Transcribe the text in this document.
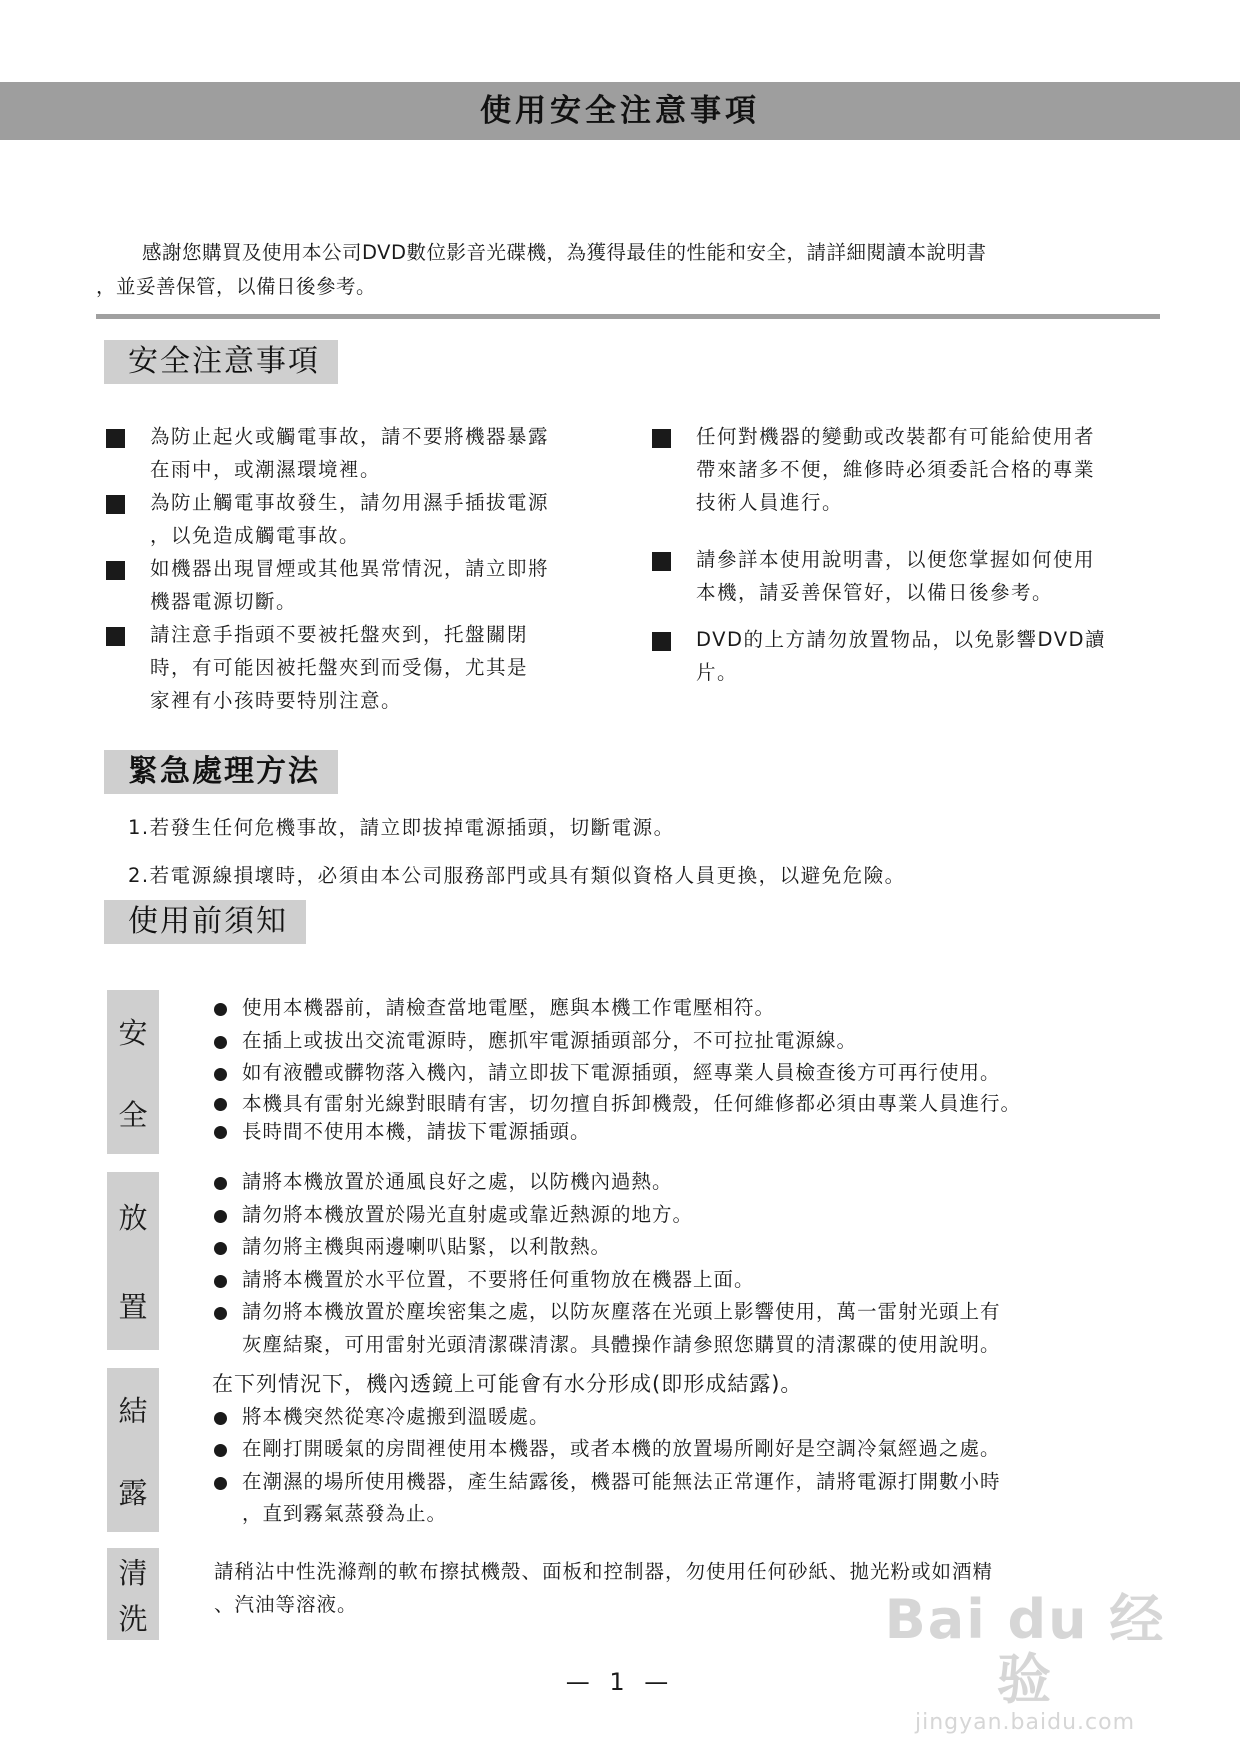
使用安全注意事項
感謝您購買及使用本公司DVD數位影音光碟機，為獲得最佳的性能和安全，請詳細閱讀本說明書
，並妥善保管，以備日後參考。
安全注意事項
為防止起火或觸電事故，請不要將機器暴露
在雨中，或潮濕環境裡。
為防止觸電事故發生，請勿用濕手插拔電源
，以免造成觸電事故。
如機器出現冒煙或其他異常情況，請立即將
機器電源切斷。
請注意手指頭不要被托盤夾到，托盤關閉
時，有可能因被托盤夾到而受傷，尤其是
家裡有小孩時要特別注意。
任何對機器的變動或改裝都有可能給使用者
帶來諸多不便，維修時必須委託合格的專業
技術人員進行。
請參詳本使用說明書，以便您掌握如何使用
本機，請妥善保管好，以備日後參考。
DVD的上方請勿放置物品，以免影響DVD讀
片。
緊急處理方法
1.若發生任何危機事故，請立即拔掉電源插頭，切斷電源。
2.若電源線損壞時，必須由本公司服務部門或具有類似資格人員更換，以避免危險。
使用前須知
安
全
使用本機器前，請檢查當地電壓，應與本機工作電壓相符。
在插上或拔出交流電源時，應抓牢電源插頭部分，不可拉扯電源線。
如有液體或髒物落入機內，請立即拔下電源插頭，經專業人員檢查後方可再行使用。
本機具有雷射光線對眼睛有害，切勿擅自拆卸機殼，任何維修都必須由專業人員進行。
長時間不使用本機，請拔下電源插頭。
放
置
請將本機放置於通風良好之處，以防機內過熱。
請勿將本機放置於陽光直射處或靠近熱源的地方。
請勿將主機與兩邊喇叭貼緊，以利散熱。
請將本機置於水平位置，不要將任何重物放在機器上面。
請勿將本機放置於塵埃密集之處，以防灰塵落在光頭上影響使用，萬一雷射光頭上有
灰塵結聚，可用雷射光頭清潔碟清潔。具體操作請參照您購買的清潔碟的使用說明。
結
露
在下列情況下，機內透鏡上可能會有水分形成(即形成結露)。
將本機突然從寒冷處搬到溫暖處。
在剛打開暖氣的房間裡使用本機器，或者本機的放置場所剛好是空調冷氣經過之處。
在潮濕的場所使用機器，產生結露後，機器可能無法正常運作，請將電源打開數小時
，直到霧氣蒸發為止。
清
洗
請稍沾中性洗滌劑的軟布擦拭機殼、面板和控制器，勿使用任何砂紙、拋光粉或如酒精
、汽油等溶液。
— 1 —
Bai du 经验
jingyan.baidu.com
